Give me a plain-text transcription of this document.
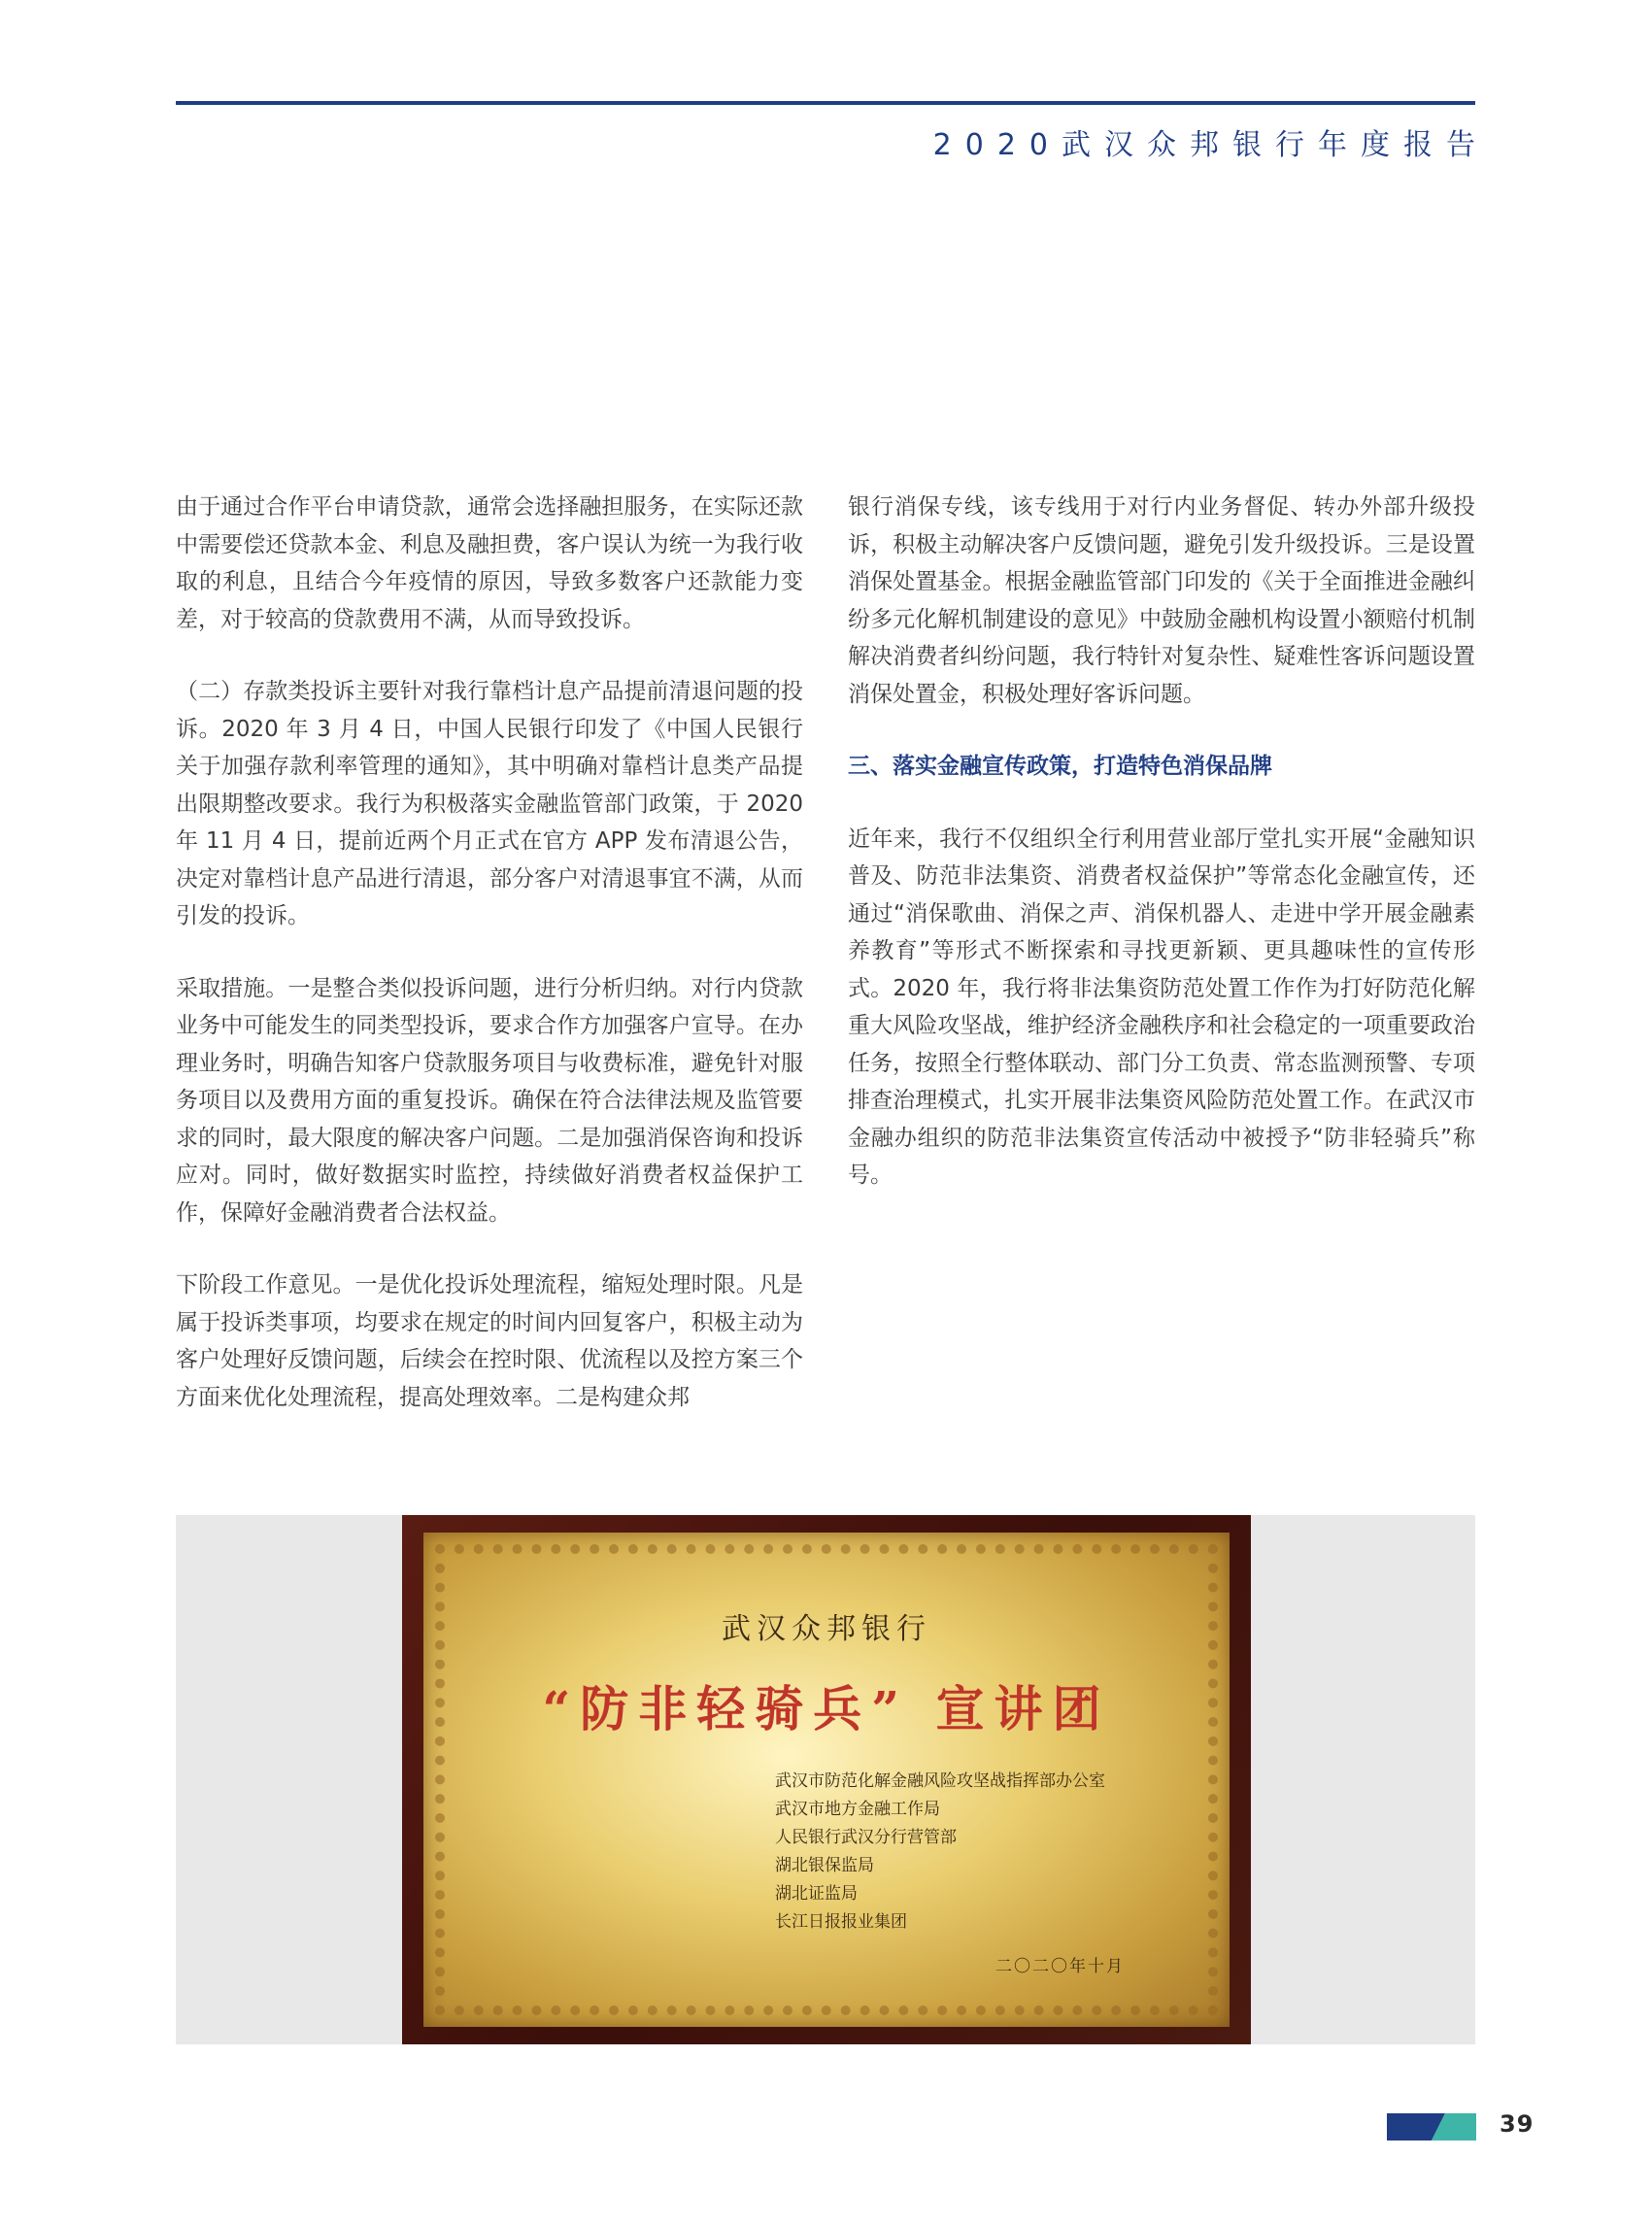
2020武汉众邦银行年度报告

由于通过合作平台申请贷款，通常会选择融担服务，在实际还款中需要偿还贷款本金、利息及融担费，客户误认为统一为我行收取的利息，且结合今年疫情的原因，导致多数客户还款能力变差，对于较高的贷款费用不满，从而导致投诉。

（二）存款类投诉主要针对我行靠档计息产品提前清退问题的投诉。2020 年 3 月 4 日，中国人民银行印发了《中国人民银行关于加强存款利率管理的通知》，其中明确对靠档计息类产品提出限期整改要求。我行为积极落实金融监管部门政策，于 2020 年 11 月 4 日，提前近两个月正式在官方 APP 发布清退公告，决定对靠档计息产品进行清退，部分客户对清退事宜不满，从而引发的投诉。

采取措施。一是整合类似投诉问题，进行分析归纳。对行内贷款业务中可能发生的同类型投诉，要求合作方加强客户宣导。在办理业务时，明确告知客户贷款服务项目与收费标准，避免针对服务项目以及费用方面的重复投诉。确保在符合法律法规及监管要求的同时，最大限度的解决客户问题。二是加强消保咨询和投诉应对。同时，做好数据实时监控，持续做好消费者权益保护工作，保障好金融消费者合法权益。

下阶段工作意见。一是优化投诉处理流程，缩短处理时限。凡是属于投诉类事项，均要求在规定的时间内回复客户，积极主动为客户处理好反馈问题，后续会在控时限、优流程以及控方案三个方面来优化处理流程，提高处理效率。二是构建众邦

银行消保专线，该专线用于对行内业务督促、转办外部升级投诉，积极主动解决客户反馈问题，避免引发升级投诉。三是设置消保处置基金。根据金融监管部门印发的《关于全面推进金融纠纷多元化解机制建设的意见》中鼓励金融机构设置小额赔付机制解决消费者纠纷问题，我行特针对复杂性、疑难性客诉问题设置消保处置金，积极处理好客诉问题。

三、落实金融宣传政策，打造特色消保品牌

近年来，我行不仅组织全行利用营业部厅堂扎实开展“金融知识普及、防范非法集资、消费者权益保护”等常态化金融宣传，还通过“消保歌曲、消保之声、消保机器人、走进中学开展金融素养教育”等形式不断探索和寻找更新颖、更具趣味性的宣传形式。2020 年，我行将非法集资防范处置工作作为打好防范化解重大风险攻坚战，维护经济金融秩序和社会稳定的一项重要政治任务，按照全行整体联动、部门分工负责、常态监测预警、专项排查治理模式，扎实开展非法集资风险防范处置工作。在武汉市金融办组织的防范非法集资宣传活动中被授予“防非轻骑兵”称号。

武汉众邦银行
“防非轻骑兵” 宣讲团
武汉市防范化解金融风险攻坚战指挥部办公室
武汉市地方金融工作局
人民银行武汉分行营管部
湖北银保监局
湖北证监局
长江日报报业集团
二〇二〇年十月
39
